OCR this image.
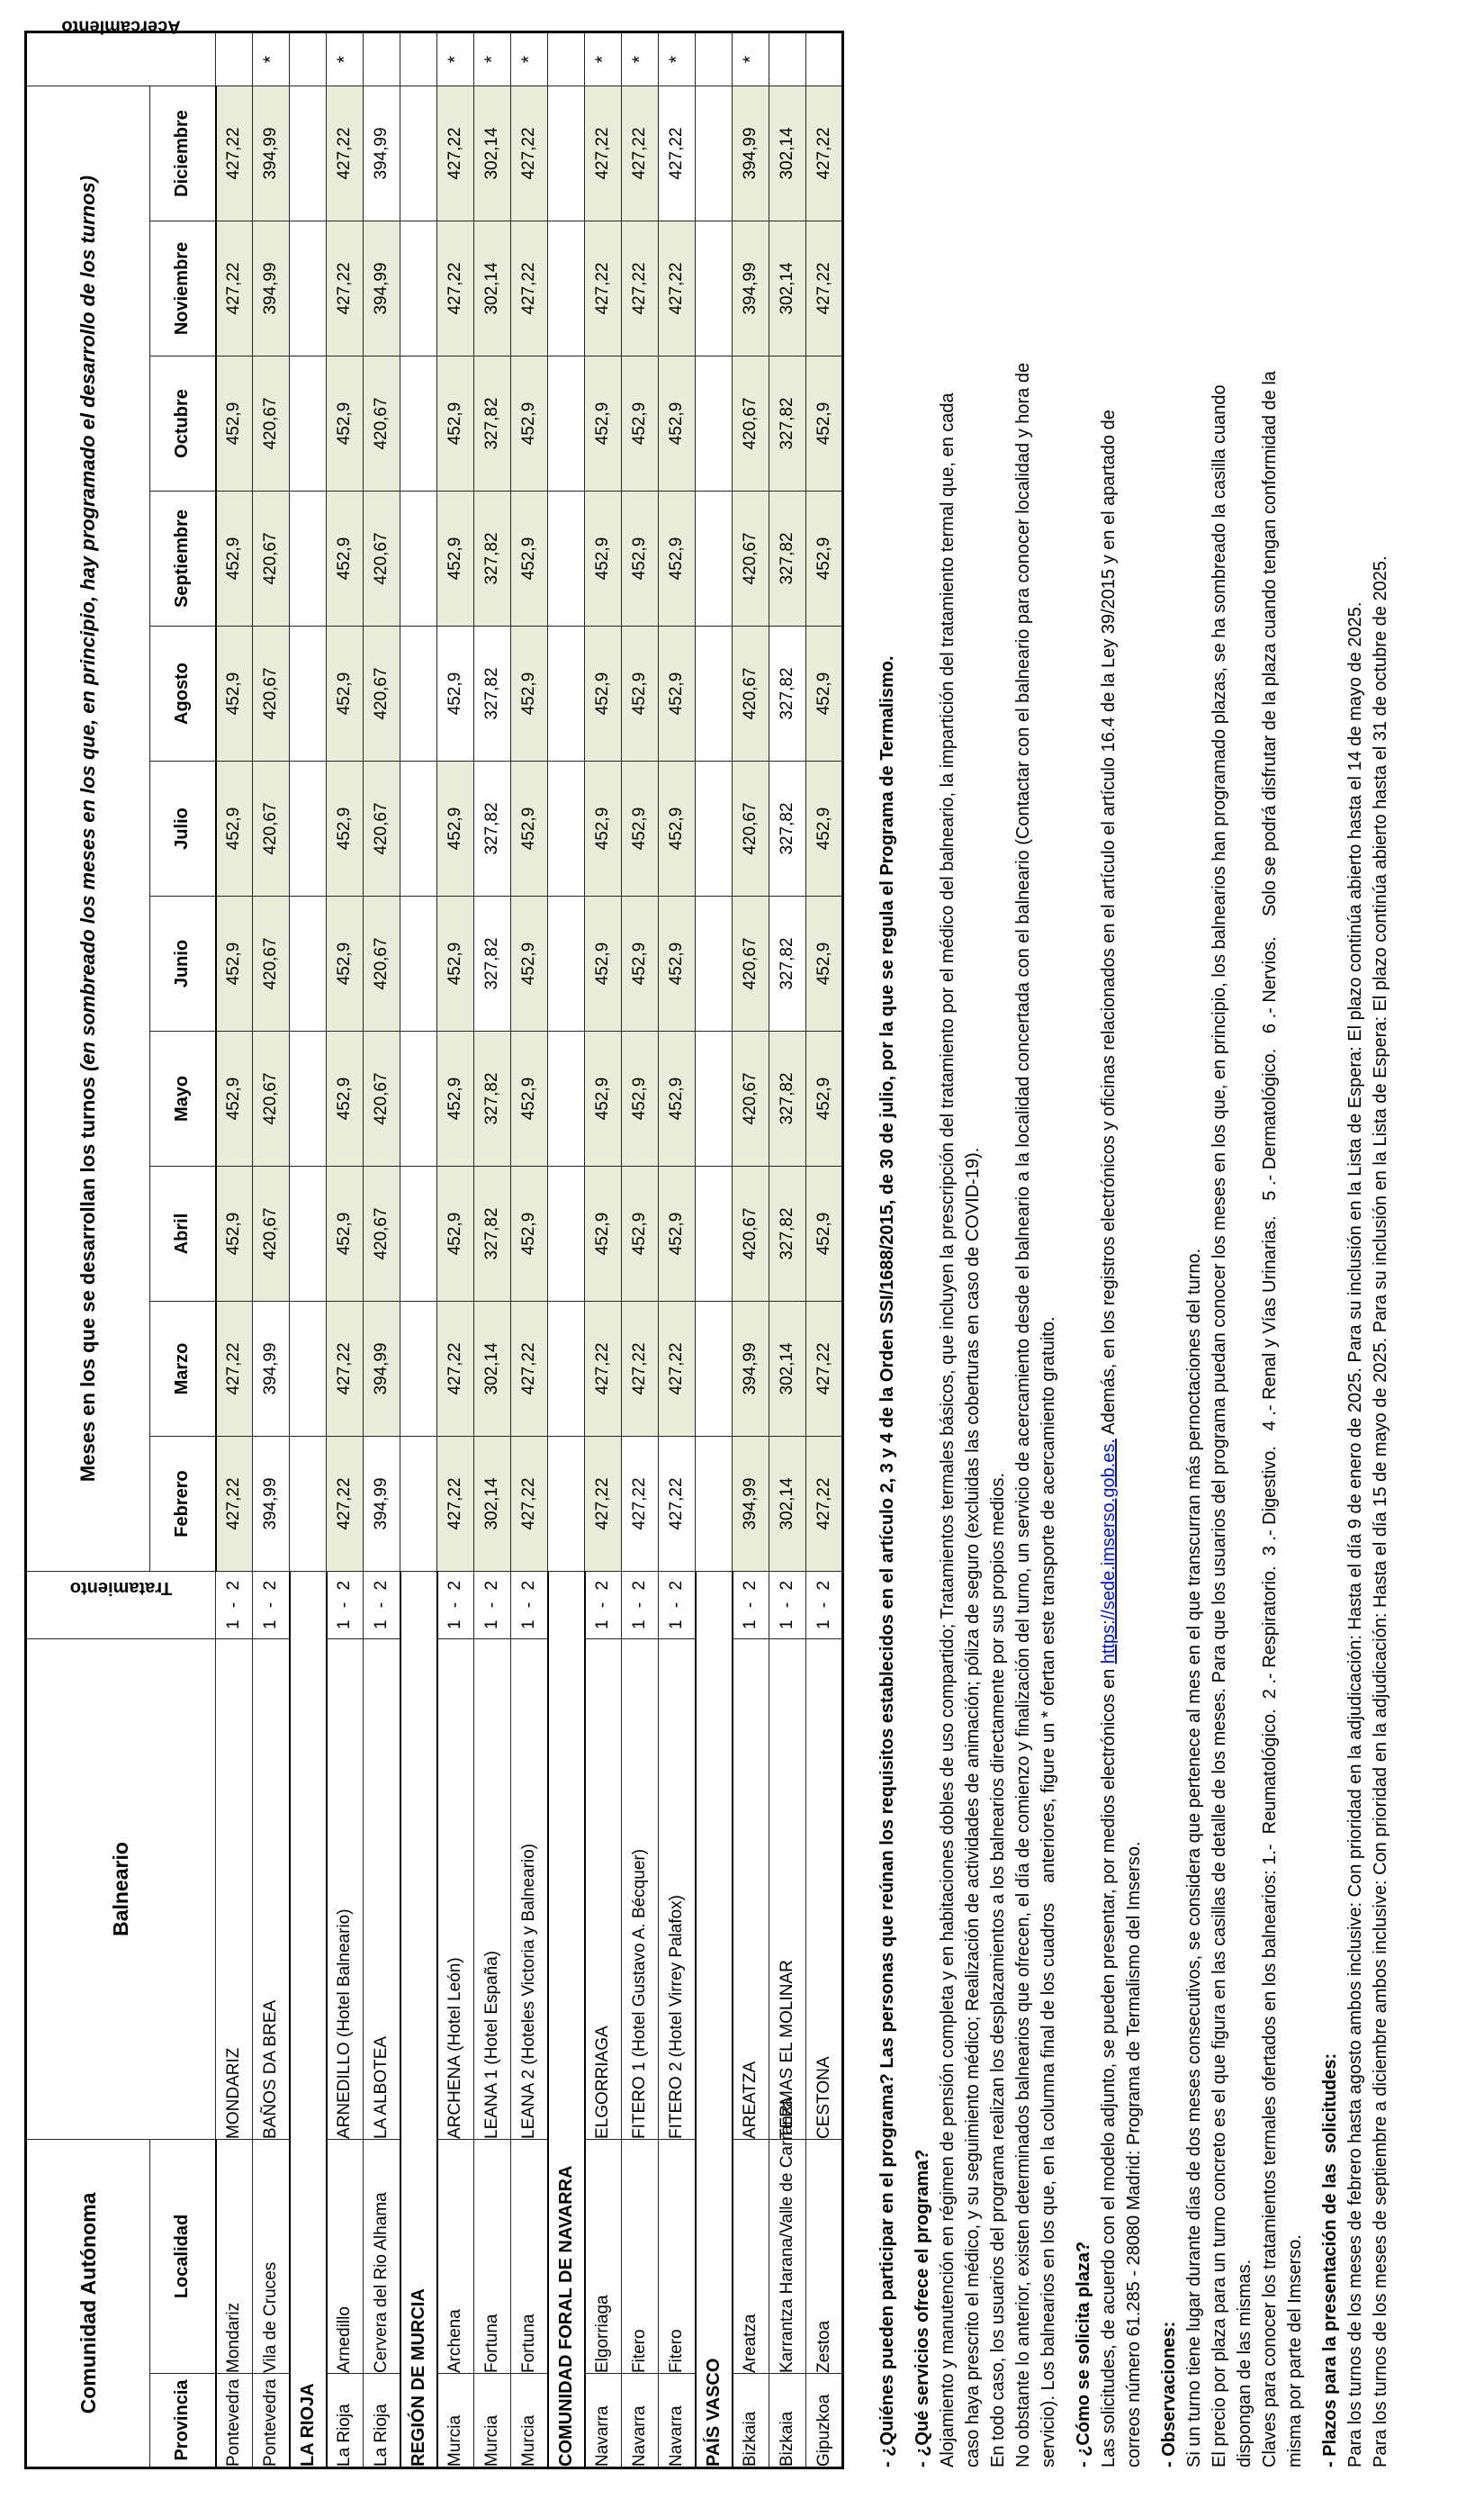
Comunidad Autónoma		Balneario	Tratamiento	Meses en los que se desarrollan los turnos (en sombreado los meses en los que, en principio, hay programado el desarrollo de los turnos)											Acercamiento
Provincia	Localidad			Febrero	Marzo	Abril	Mayo	Junio	Julio	Agosto	Septiembre	Octubre	Noviembre	Diciembre	
Pontevedra	Mondariz	MONDARIZ	1 - 2	427,22	427,22	452,9	452,9	452,9	452,9	452,9	452,9	452,9	427,22	427,22	
Pontevedra	Vila de Cruces	BAÑOS DA BREA	1 - 2	394,99	394,99	420,67	420,67	420,67	420,67	420,67	420,67	420,67	394,99	394,99	*
LA RIOJA															
La Rioja	Arnedillo	ARNEDILLO (Hotel Balneario)	1 - 2	427,22	427,22	452,9	452,9	452,9	452,9	452,9	452,9	452,9	427,22	427,22	*
La Rioja	Cervera del Rio Alhama	LA ALBOTEA	1 - 2	394,99	394,99	420,67	420,67	420,67	420,67	420,67	420,67	420,67	394,99	394,99	
REGIÓN DE MURCIA															
Murcia	Archena	ARCHENA (Hotel León)	1 - 2	427,22	427,22	452,9	452,9	452,9	452,9	452,9	452,9	452,9	427,22	427,22	*
Murcia	Fortuna	LEANA 1 (Hotel España)	1 - 2	302,14	302,14	327,82	327,82	327,82	327,82	327,82	327,82	327,82	302,14	302,14	*
Murcia	Fortuna	LEANA 2 (Hoteles Victoria y Balneario)	1 - 2	427,22	427,22	452,9	452,9	452,9	452,9	452,9	452,9	452,9	427,22	427,22	*
COMUNIDAD FORAL DE NAVARRA															
Navarra	Elgorriaga	ELGORRIAGA	1 - 2	427,22	427,22	452,9	452,9	452,9	452,9	452,9	452,9	452,9	427,22	427,22	*
Navarra	Fitero	FITERO 1 (Hotel Gustavo A. Bécquer)	1 - 2	427,22	427,22	452,9	452,9	452,9	452,9	452,9	452,9	452,9	427,22	427,22	*
Navarra	Fitero	FITERO 2 (Hotel Virrey Palafox)	1 - 2	427,22	427,22	452,9	452,9	452,9	452,9	452,9	452,9	452,9	427,22	427,22	*
PAÍS VASCO															
Bizkaia	Areatza	AREATZA	1 - 2	394,99	394,99	420,67	420,67	420,67	420,67	420,67	420,67	420,67	394,99	394,99	*
Bizkaia	Karrantza Harana/Valle de Carranza	TERMAS EL MOLINAR	1 - 2	302,14	302,14	327,82	327,82	327,82	327,82	327,82	327,82	327,82	302,14	302,14	
Gipuzkoa	Zestoa	CESTONA	1 - 2	427,22	427,22	452,9	452,9	452,9	452,9	452,9	452,9	452,9	427,22	427,22	
- ¿Quiénes pueden participar en el programa? Las personas que reúnan los requisitos establecidos en el artículo 2, 3 y 4 de la Orden SSI/1688/2015, de 30 de julio, por la que se regula el Programa de Termalismo. - ¿Qué servicios ofrece el programa? Alojamiento y manutención en régimen de pensión completa y en habitaciones dobles de uso compartido; Tratamientos termales básicos, que incluyen la prescripción del tratamiento por el médico del balneario, la impartición del tratamiento termal que, en cada caso haya prescrito el médico, y su seguimiento médico; Realización de actividades de animación; póliza de seguro (excluidas las coberturas en caso de COVID-19). En todo caso, los usuarios del programa realizan los desplazamientos a los balnearios directamente por sus propios medios. No obstante lo anterior, existen determinados balnearios que ofrecen, el día de comienzo y finalización del turno, un servicio de acercamiento desde el balneario a la localidad concertada con el balneario (Contactar con el balneario para conocer localidad y hora de servicio). Los balnearios en los que, en la columna final de los cuadros    anteriores, figure un * ofertan este transporte de acercamiento gratuito. - ¿Cómo se solicita plaza? Las solicitudes, de acuerdo con el modelo adjunto, se pueden presentar, por medios electrónicos en https://sede.imserso.gob.es. Además, en los registros electrónicos y oficinas relacionados en el artículo el artículo 16.4 de la Ley 39/2015 y en el apartado de
correos número 61.285 - 28080 Madrid: Programa de Termalismo del Imserso. - Observaciones: Si un turno tiene lugar durante días de dos meses consecutivos, se considera que pertenece al mes en el que transcurran más pernoctaciones del turno. El precio por plaza para un turno concreto es el que figura en las casillas de detalle de los meses. Para que los usuarios del programa puedan conocer los meses en los que, en principio, los balnearios han programado plazas, se ha sombreado la casilla cuando dispongan de las mismas. Claves para conocer los tratamientos termales ofertados en los balnearios: 1.-  Reumatológico.  2 .- Respiratorio.  3 .- Digestivo.   4 .- Renal y Vías Urinarias.   5 .- Dermatológico.   6 .- Nervios.    Solo se podrá disfrutar de la plaza cuando tengan conformidad de la misma por parte del Imserso. - Plazos para la presentación de las  solicitudes: Para los turnos de los meses de febrero hasta agosto ambos inclusive: Con prioridad en la adjudicación: Hasta el día 9 de enero de 2025. Para su inclusión en la Lista de Espera: El plazo continúa abierto hasta el 14 de mayo de 2025. Para los turnos de los meses de septiembre a diciembre ambos inclusive: Con prioridad en la adjudicación: Hasta el día 15 de mayo de 2025. Para su inclusión en la Lista de Espera: El plazo continúa abierto hasta el 31 de octubre de 2025.
